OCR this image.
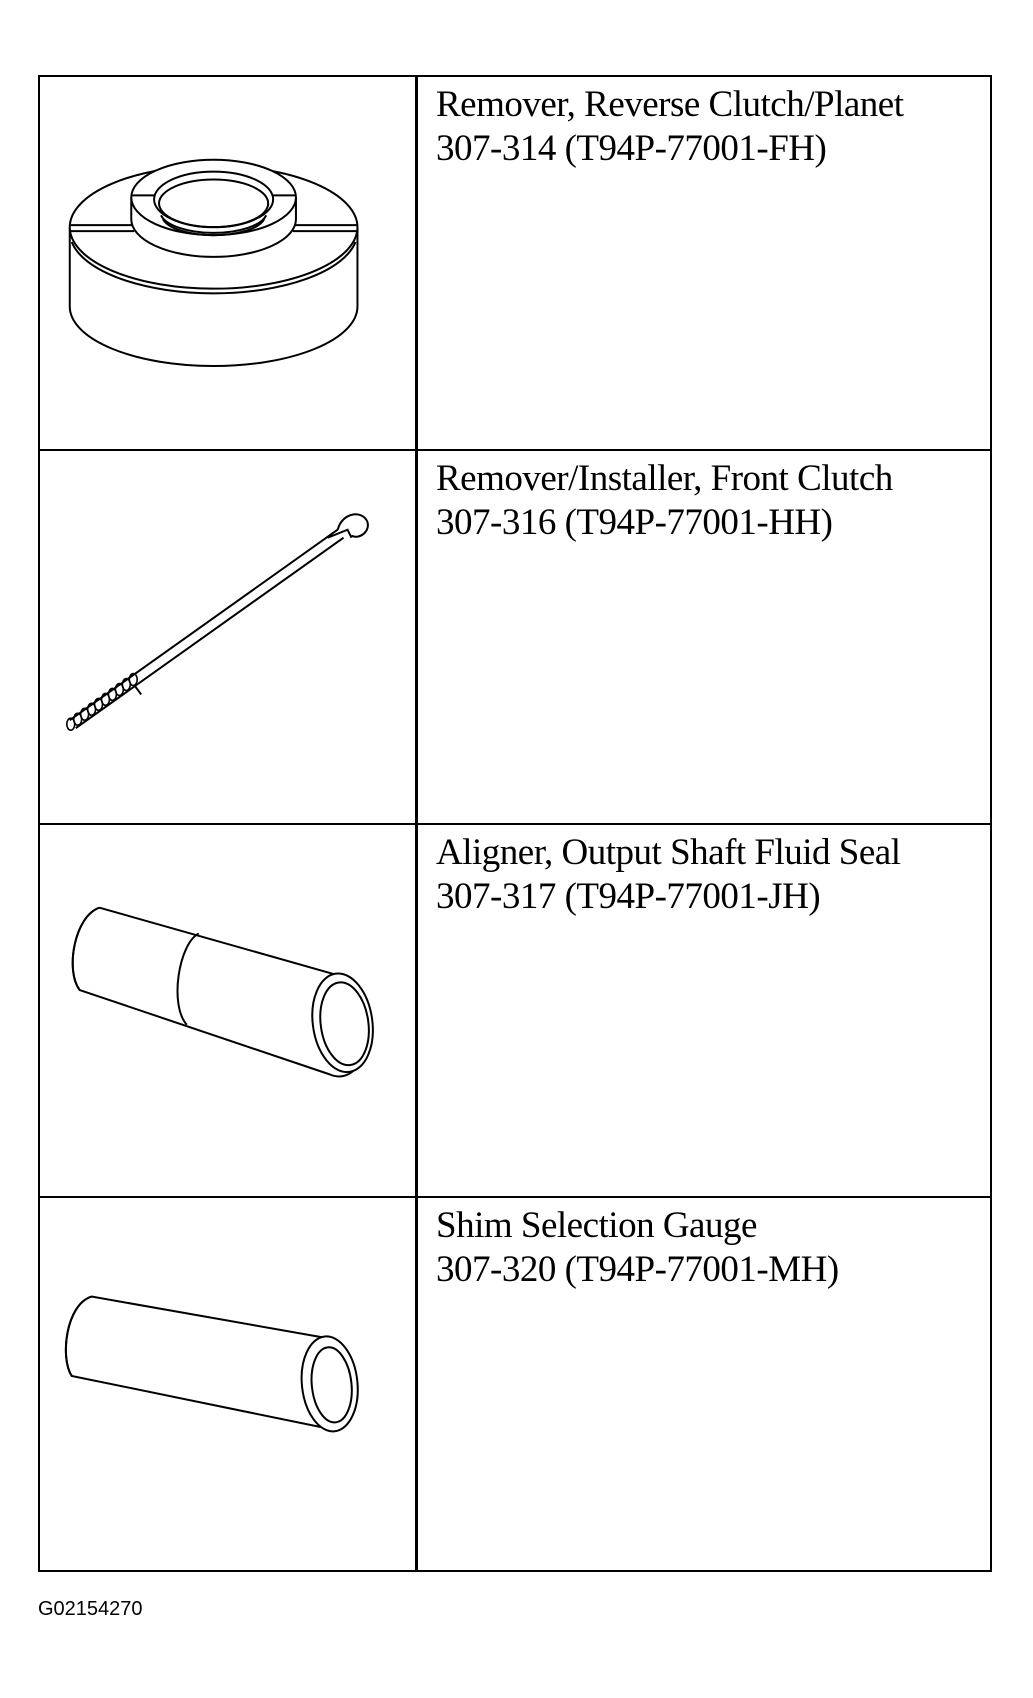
Remover, Reverse Clutch/Planet
307-314 (T94P-77001-FH)
Remover/Installer, Front Clutch
307-316 (T94P-77001-HH)
Aligner, Output Shaft Fluid Seal
307-317 (T94P-77001-JH)
Shim Selection Gauge
307-320 (T94P-77001-MH)
G02154270
